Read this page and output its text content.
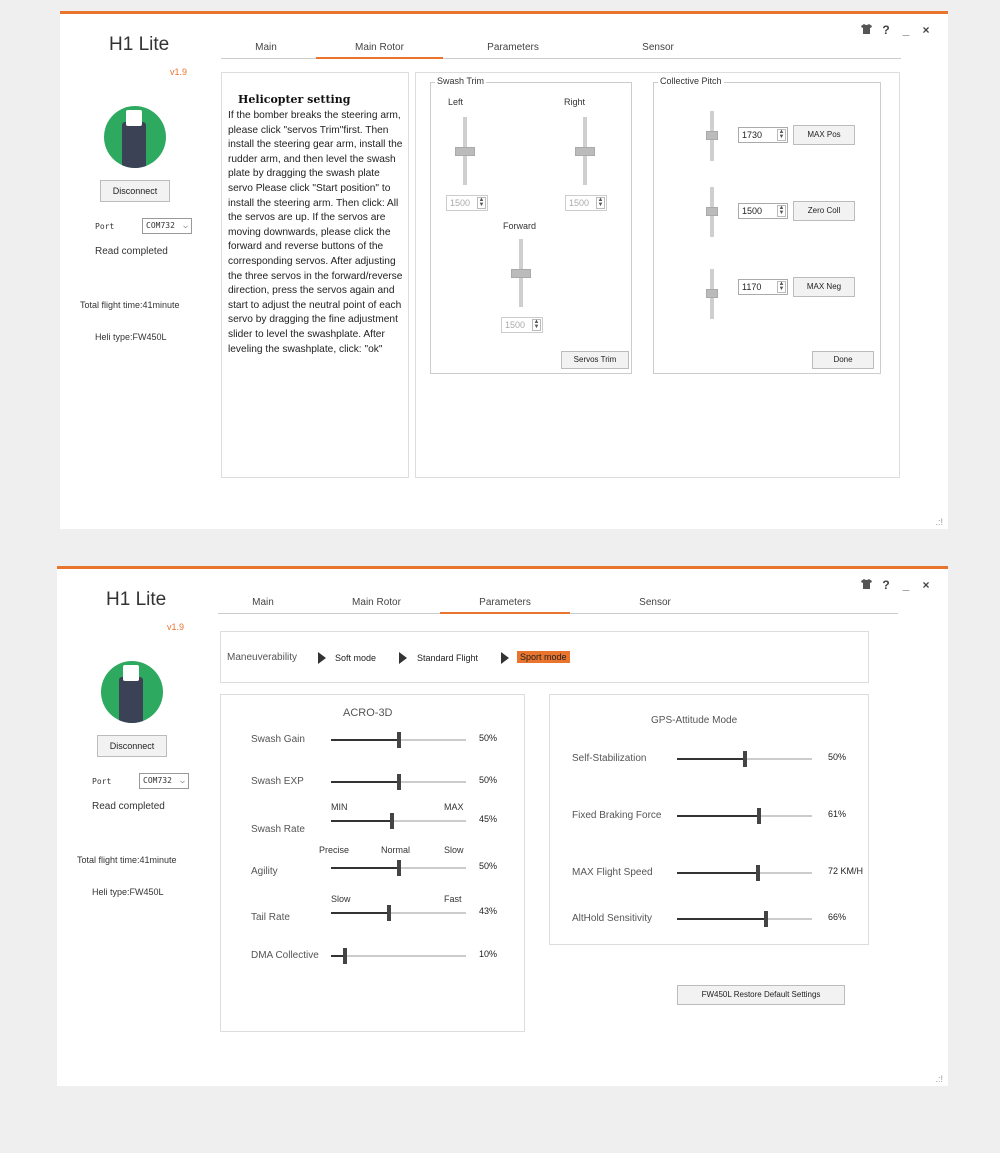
? _ ×
H1 Lite
v1.9
Disconnect
Port	COM732 ⌵
Read completed
Total flight time:41minute
Heli type:FW450L
Main	Main Rotor	Parameters	Sensor
Helicopter setting
If the bomber breaks the steering arm, please click "servos Trim"first. Then install the steering gear arm, install the rudder arm, and then level the swash plate by dragging the swash plate servo Please click "Start position" to install the steering arm. Then click: All the servos are up. If the servos are moving downwards, please click the forward and reverse buttons of the corresponding servos. After adjusting the three servos in the forward/reverse direction, press the servos again and start to adjust the neutral point of each servo by dragging the fine adjustment slider to level the swashplate. After leveling the swashplate, click: "ok"
Swash Trim
Left	Right
1500 ▲
▼	1500 ▲
▼
Forward
1500 ▲
▼
Servos Trim
Collective Pitch
1730	▲
▼	MAX Pos
1500	▲
▼	Zero Coll
1170	▲
▼	MAX Neg
Done
.:!
? _ ×
H1 Lite
v1.9
Disconnect
Port	COM732 ⌵
Read completed
Total flight time:41minute
Heli type:FW450L
Main	Main Rotor	Parameters	Sensor
Maneuverability	Soft mode	Standard Flight	Sport mode
ACRO-3D
Swash Gain	50%
Swash EXP	50%
Swash Rate
45%
MIN	MAX
Agility	50%
Precise	Normal	Slow
Tail Rate
43%
Slow	Fast
DMA Collective	10%
GPS-Attitude Mode
Self-Stabilization	50%
Fixed Braking Force	61%
MAX Flight Speed	72 KM/H
AltHold Sensitivity	66%
FW450L Restore Default Settings
.:!
